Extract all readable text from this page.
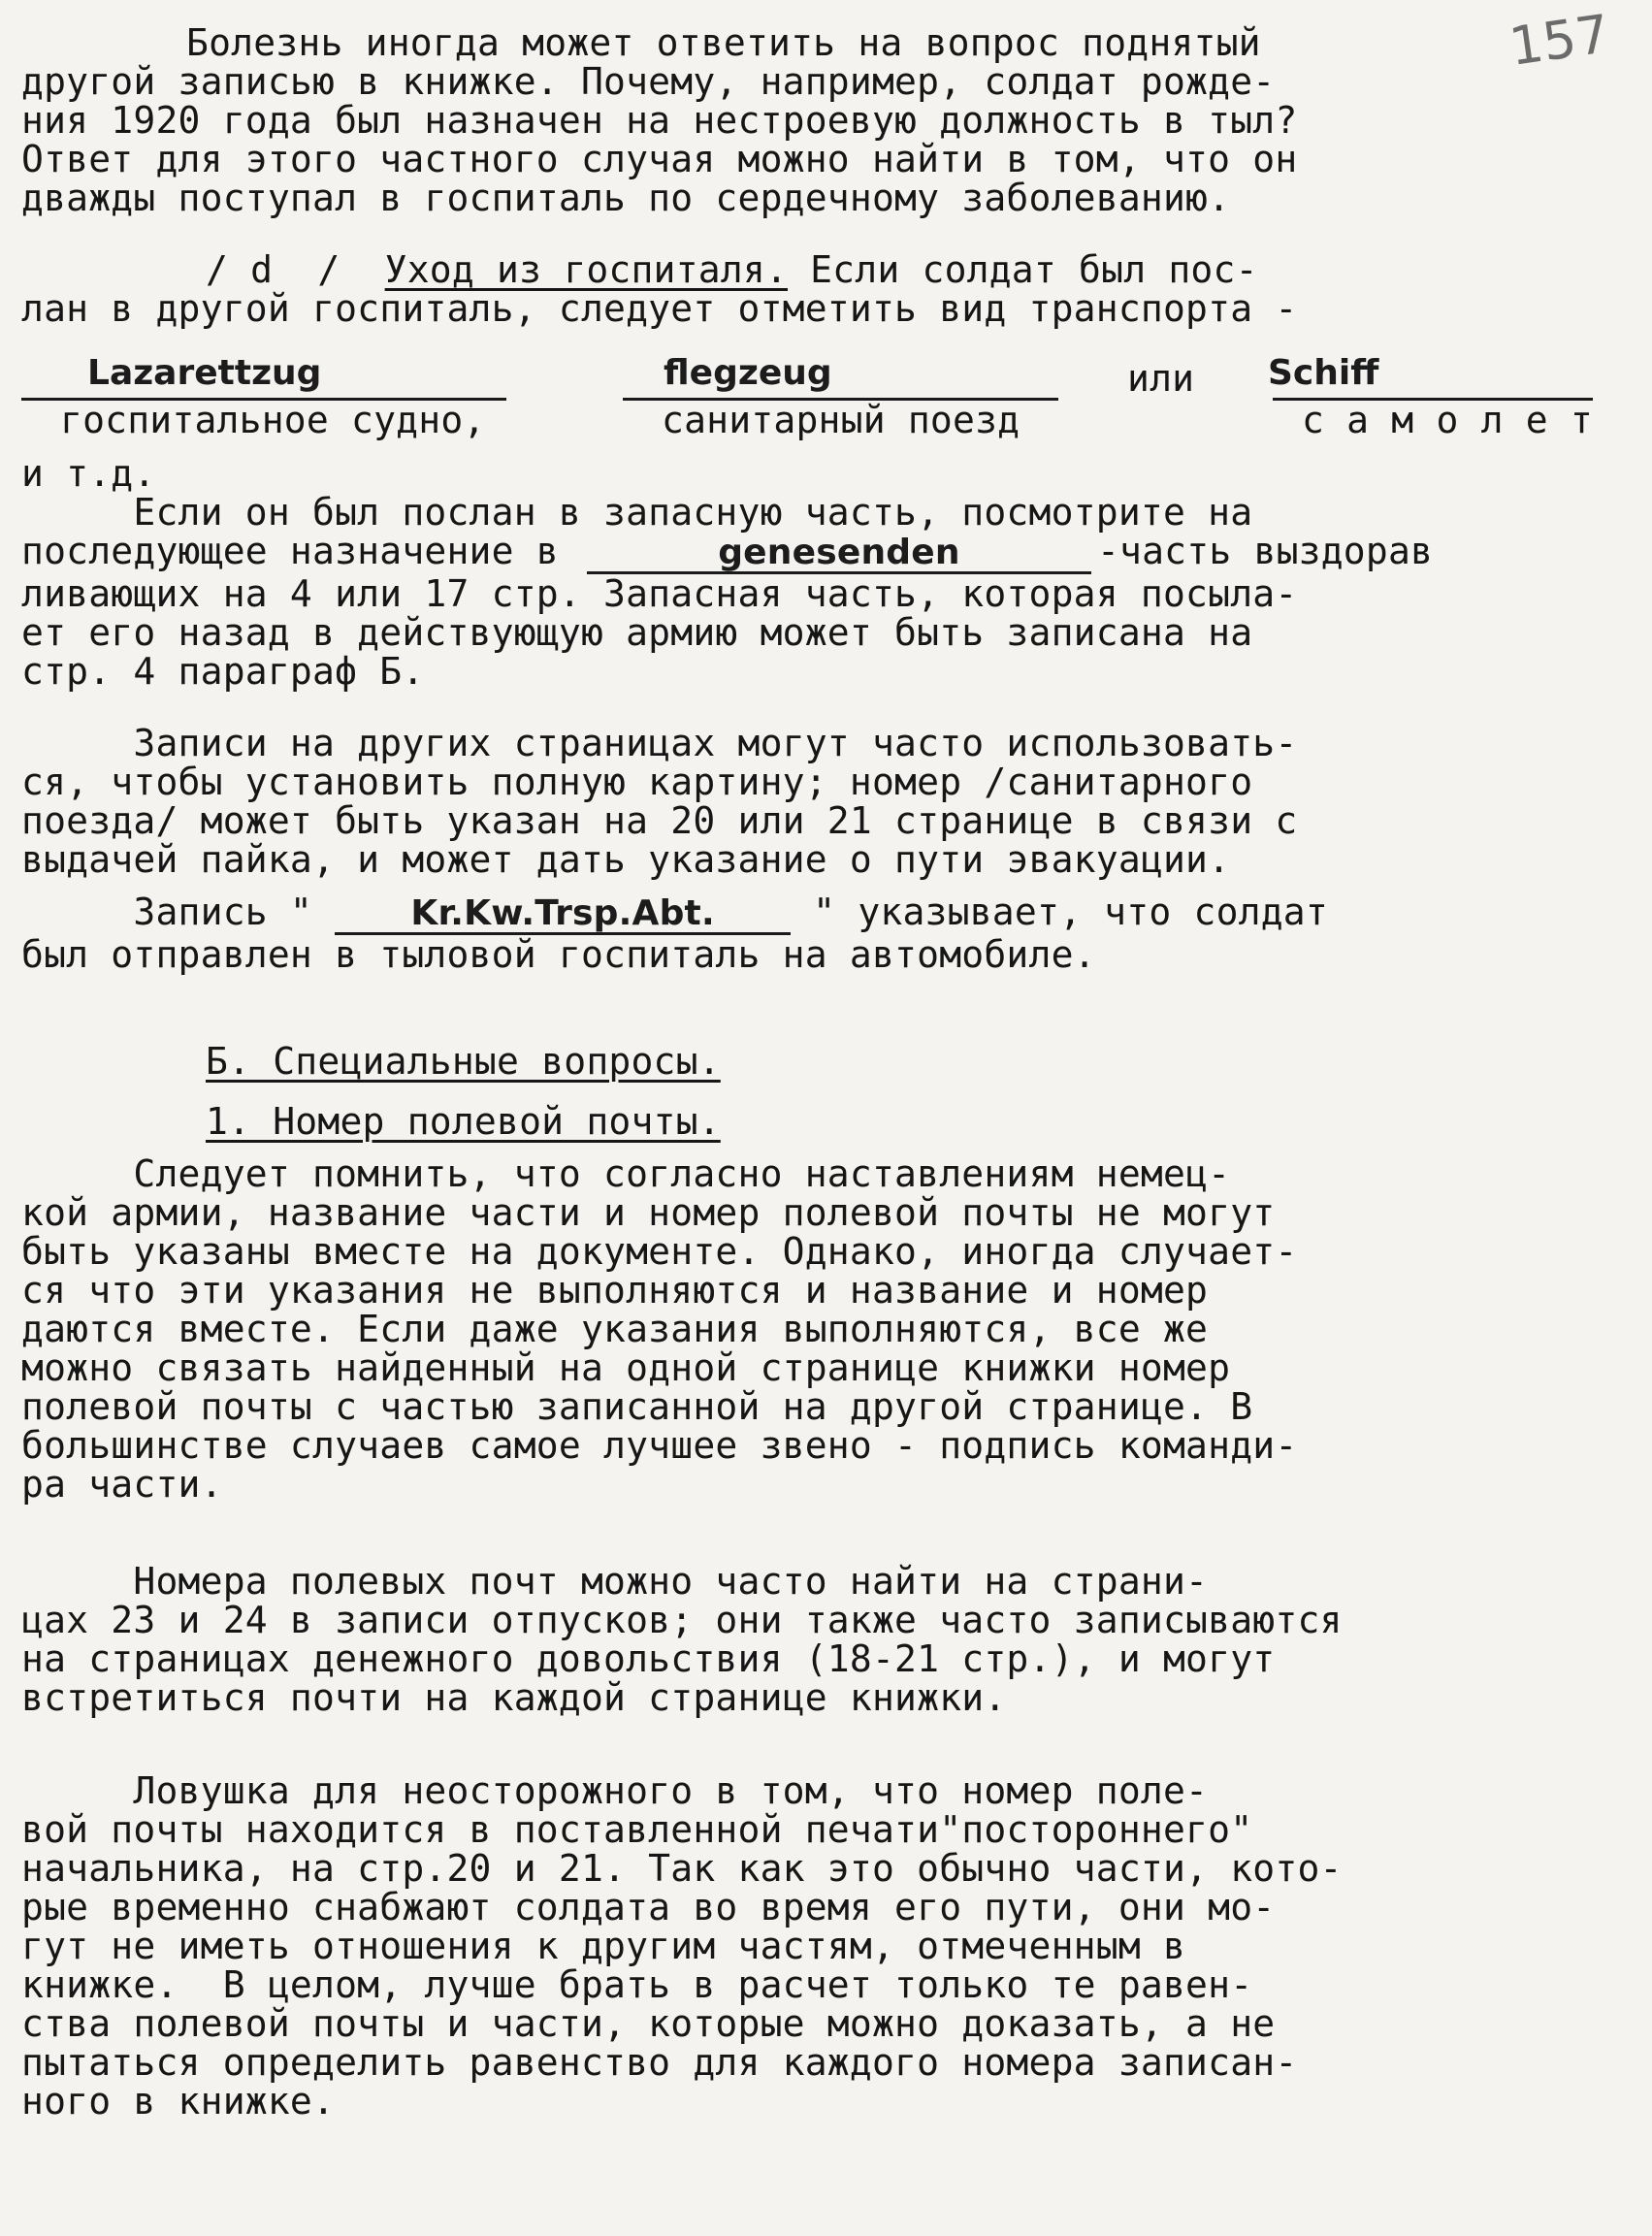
157
Болезнь иногда может ответить на вопрос поднятый
другой записью в книжке. Почему, например, солдат рожде-
ния 1920 года был назначен на нестроевую должность в тыл?
Ответ для этого частного случая можно найти в том, что он
дважды поступал в госпиталь по сердечному заболеванию.
/ d  / Уход из госпиталя. Если солдат был пос-
лан в другой госпиталь, следует отметить вид транспорта -
Lazarettzug	flegzeug	или Schiff
госпитальное судно,	санитарный поезд	с а м о л е т
и т.д.
Если он был послан в запасную часть, посмотрите на
последующее назначение в	genesenden	-часть выздорав
ливающих на 4 или 17 стр. Запасная часть, которая посыла-
ет его назад в действующую армию может быть записана на
стр. 4 параграф Б.
Записи на других страницах могут часто использовать-
ся, чтобы установить полную картину; номер /санитарного
поезда/ может быть указан на 20 или 21 странице в связи с
выдачей пайка, и может дать указание о пути эвакуации.
Запись " Kr.Kw.Trsp.Abt. " указывает, что солдат
был отправлен в тыловой госпиталь на автомобиле.
Б. Специальные вопросы.
1. Номер полевой почты.
Следует помнить, что согласно наставлениям немец-
кой армии, название части и номер полевой почты не могут
быть указаны вместе на документе. Однако, иногда случает-
ся что эти указания не выполняются и название и номер
даются вместе. Если даже указания выполняются, все же
можно связать найденный на одной странице книжки номер
полевой почты с частью записанной на другой странице. В
большинстве случаев самое лучшее звено - подпись команди-
ра части.
Номера полевых почт можно часто найти на страни-
цах 23 и 24 в записи отпусков; они также часто записываются
на страницах денежного довольствия (18-21 стр.), и могут
встретиться почти на каждой странице книжки.
Ловушка для неосторожного в том, что номер поле-
вой почты находится в поставленной печати"постороннего"
начальника, на стр.20 и 21. Так как это обычно части, кото-
рые временно снабжают солдата во время его пути, они мо-
гут не иметь отношения к другим частям, отмеченным в
книжке.  В целом, лучше брать в расчет только те равен-
ства полевой почты и части, которые можно доказать, а не
пытаться определить равенство для каждого номера записан-
ного в книжке.
